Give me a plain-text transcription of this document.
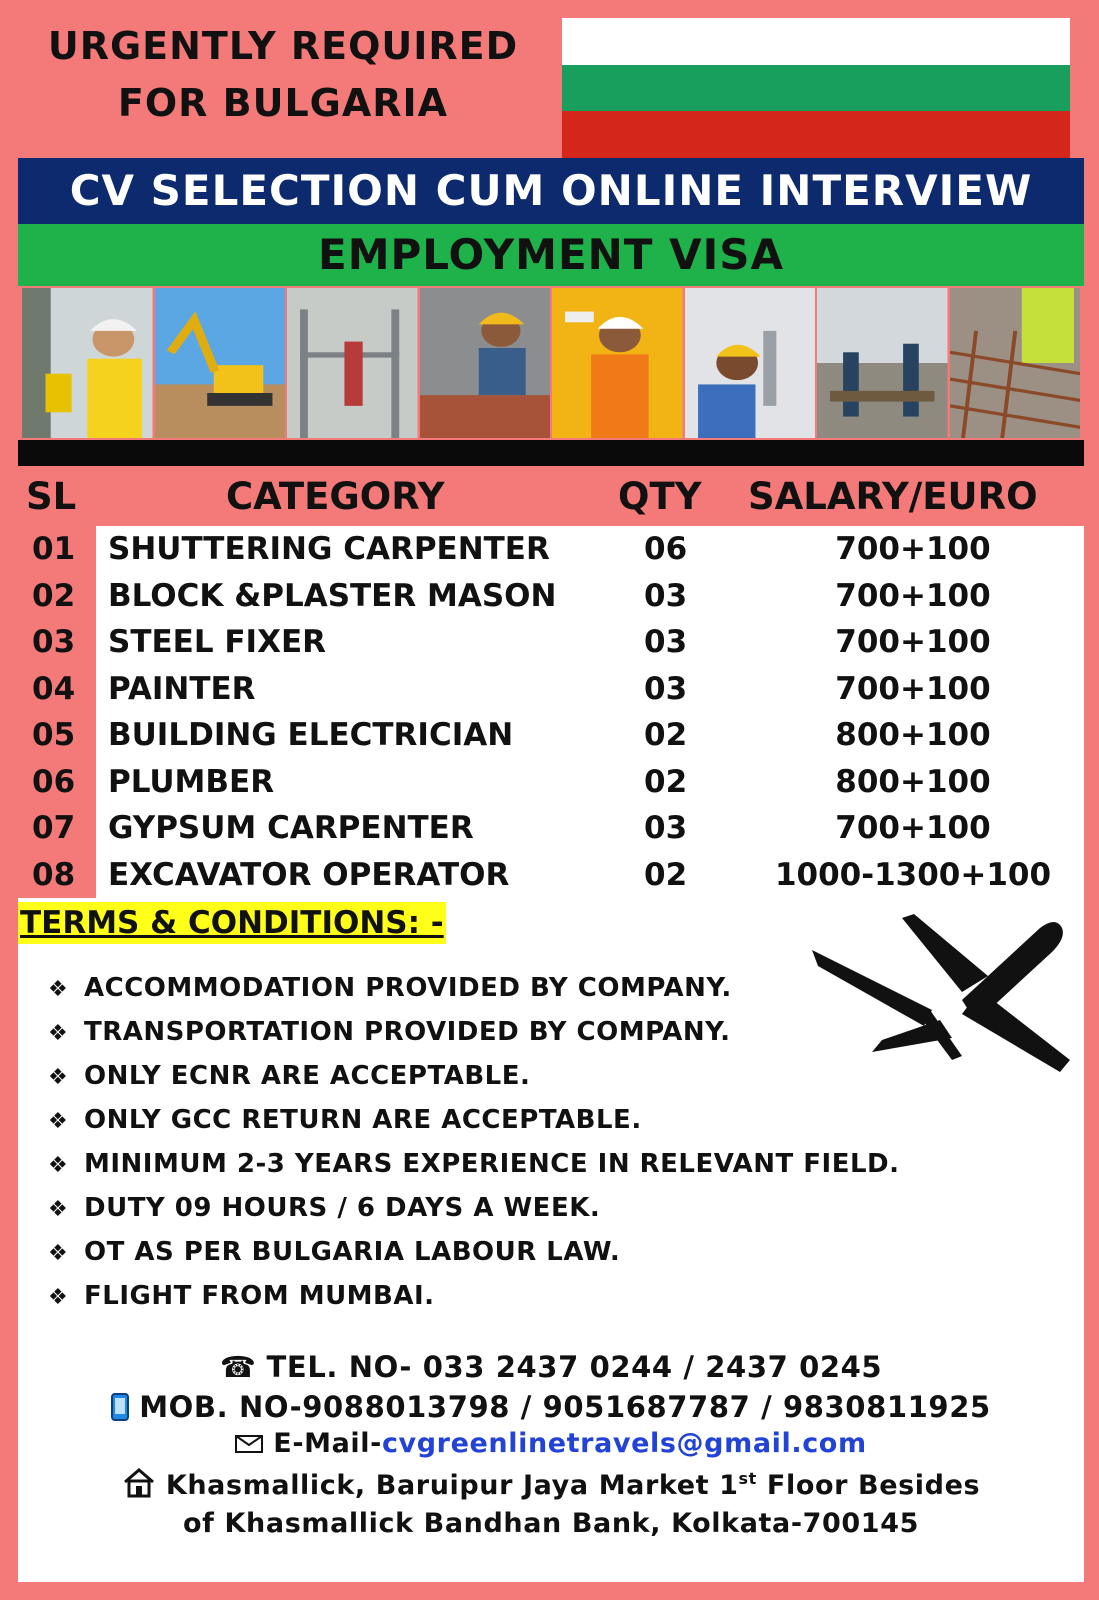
URGENTLY REQUIRED
FOR BULGARIA
CV SELECTION CUM ONLINE INTERVIEW
EMPLOYMENT VISA
SL	CATEGORY	QTY SALARY/EURO
01 SHUTTERING CARPENTER	06	700+100
02 BLOCK &PLASTER MASON	03	700+100
03 STEEL FIXER	03	700+100
04 PAINTER	03	700+100
05 BUILDING ELECTRICIAN	02	800+100
06 PLUMBER	02	800+100
07 GYPSUM CARPENTER	03	700+100
08 EXCAVATOR OPERATOR	02	1000-1300+100
TERMS & CONDITIONS: -
❖ ACCOMMODATION PROVIDED BY COMPANY.
❖ TRANSPORTATION PROVIDED BY COMPANY.
❖ ONLY ECNR ARE ACCEPTABLE.
❖ ONLY GCC RETURN ARE ACCEPTABLE.
❖ MINIMUM 2-3 YEARS EXPERIENCE IN RELEVANT FIELD.
❖ DUTY 09 HOURS / 6 DAYS A WEEK.
❖ OT AS PER BULGARIA LABOUR LAW.
❖ FLIGHT FROM MUMBAI.
☎ TEL. NO- 033 2437 0244 / 2437 0245
MOB. NO-9088013798 / 9051687787 / 9830811925
E-Mail-cvgreenlinetravels@gmail.com
Khasmallick, Baruipur Jaya Market 1st Floor Besides
of Khasmallick Bandhan Bank, Kolkata-700145
